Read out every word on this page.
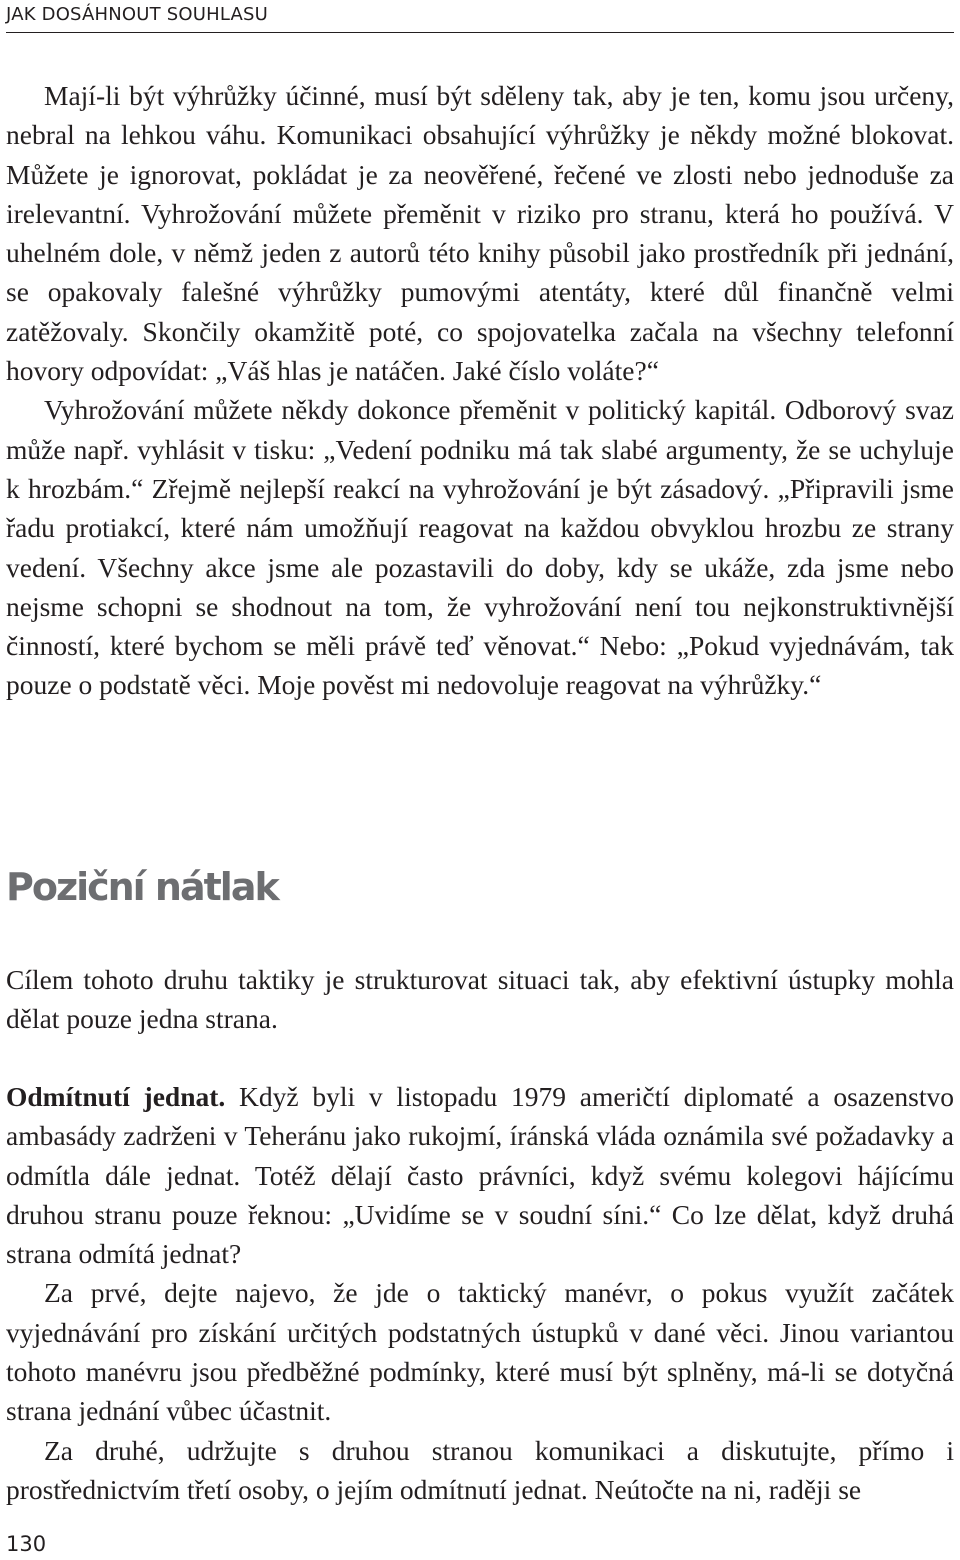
JAK DOSÁHNOUT SOUHLASU

Mají-li být výhrůžky účinné, musí být sděleny tak, aby je ten, komu jsou určeny, nebral na lehkou váhu. Komunikaci obsahující výhrůžky je někdy možné blokovat. Můžete je ignorovat, pokládat je za neověřené, řečené ve zlosti nebo jednoduše za irelevantní. Vyhrožování můžete přeměnit v riziko pro stranu, která ho používá. V uhelném dole, v němž jeden z autorů této knihy působil jako prostředník při jednání, se opakovaly falešné výhrůžky pumovými atentáty, které důl finančně velmi zatěžovaly. Skončily okamžitě poté, co spojovatelka začala na všechny telefonní hovory odpovídat: „Váš hlas je natáčen. Jaké číslo voláte?“

Vyhrožování můžete někdy dokonce přeměnit v politický kapitál. Odborový svaz může např. vyhlásit v tisku: „Vedení podniku má tak slabé argumenty, že se uchyluje k hrozbám.“ Zřejmě nejlepší reakcí na vyhrožování je být zásadový. „Připravili jsme řadu protiakcí, které nám umožňují reagovat na každou obvyklou hrozbu ze strany vedení. Všechny akce jsme ale pozastavili do doby, kdy se ukáže, zda jsme nebo nejsme schopni se shodnout na tom, že vyhrožování není tou nejkonstruktivnější činností, které bychom se měli právě teď věnovat.“ Nebo: „Pokud vyjednávám, tak pouze o podstatě věci. Moje pověst mi nedovoluje reagovat na výhrůžky.“

Poziční nátlak

Cílem tohoto druhu taktiky je strukturovat situaci tak, aby efektivní ústupky mohla dělat pouze jedna strana.

Odmítnutí jednat. Když byli v listopadu 1979 američtí diplomaté a osazenstvo ambasády zadrženi v Teheránu jako rukojmí, íránská vláda oznámila své požadavky a odmítla dále jednat. Totéž dělají často právníci, když svému kolegovi hájícímu druhou stranu pouze řeknou: „Uvidíme se v soudní síni.“ Co lze dělat, když druhá strana odmítá jednat?

Za prvé, dejte najevo, že jde o taktický manévr, o pokus využít začátek vyjednávání pro získání určitých podstatných ústupků v dané věci. Jinou variantou tohoto manévru jsou předběžné podmínky, které musí být splněny, má-li se dotyčná strana jednání vůbec účastnit.

Za druhé, udržujte s druhou stranou komunikaci a diskutujte, přímo i prostřednictvím třetí osoby, o jejím odmítnutí jednat. Neútočte na ni, raději se

130
